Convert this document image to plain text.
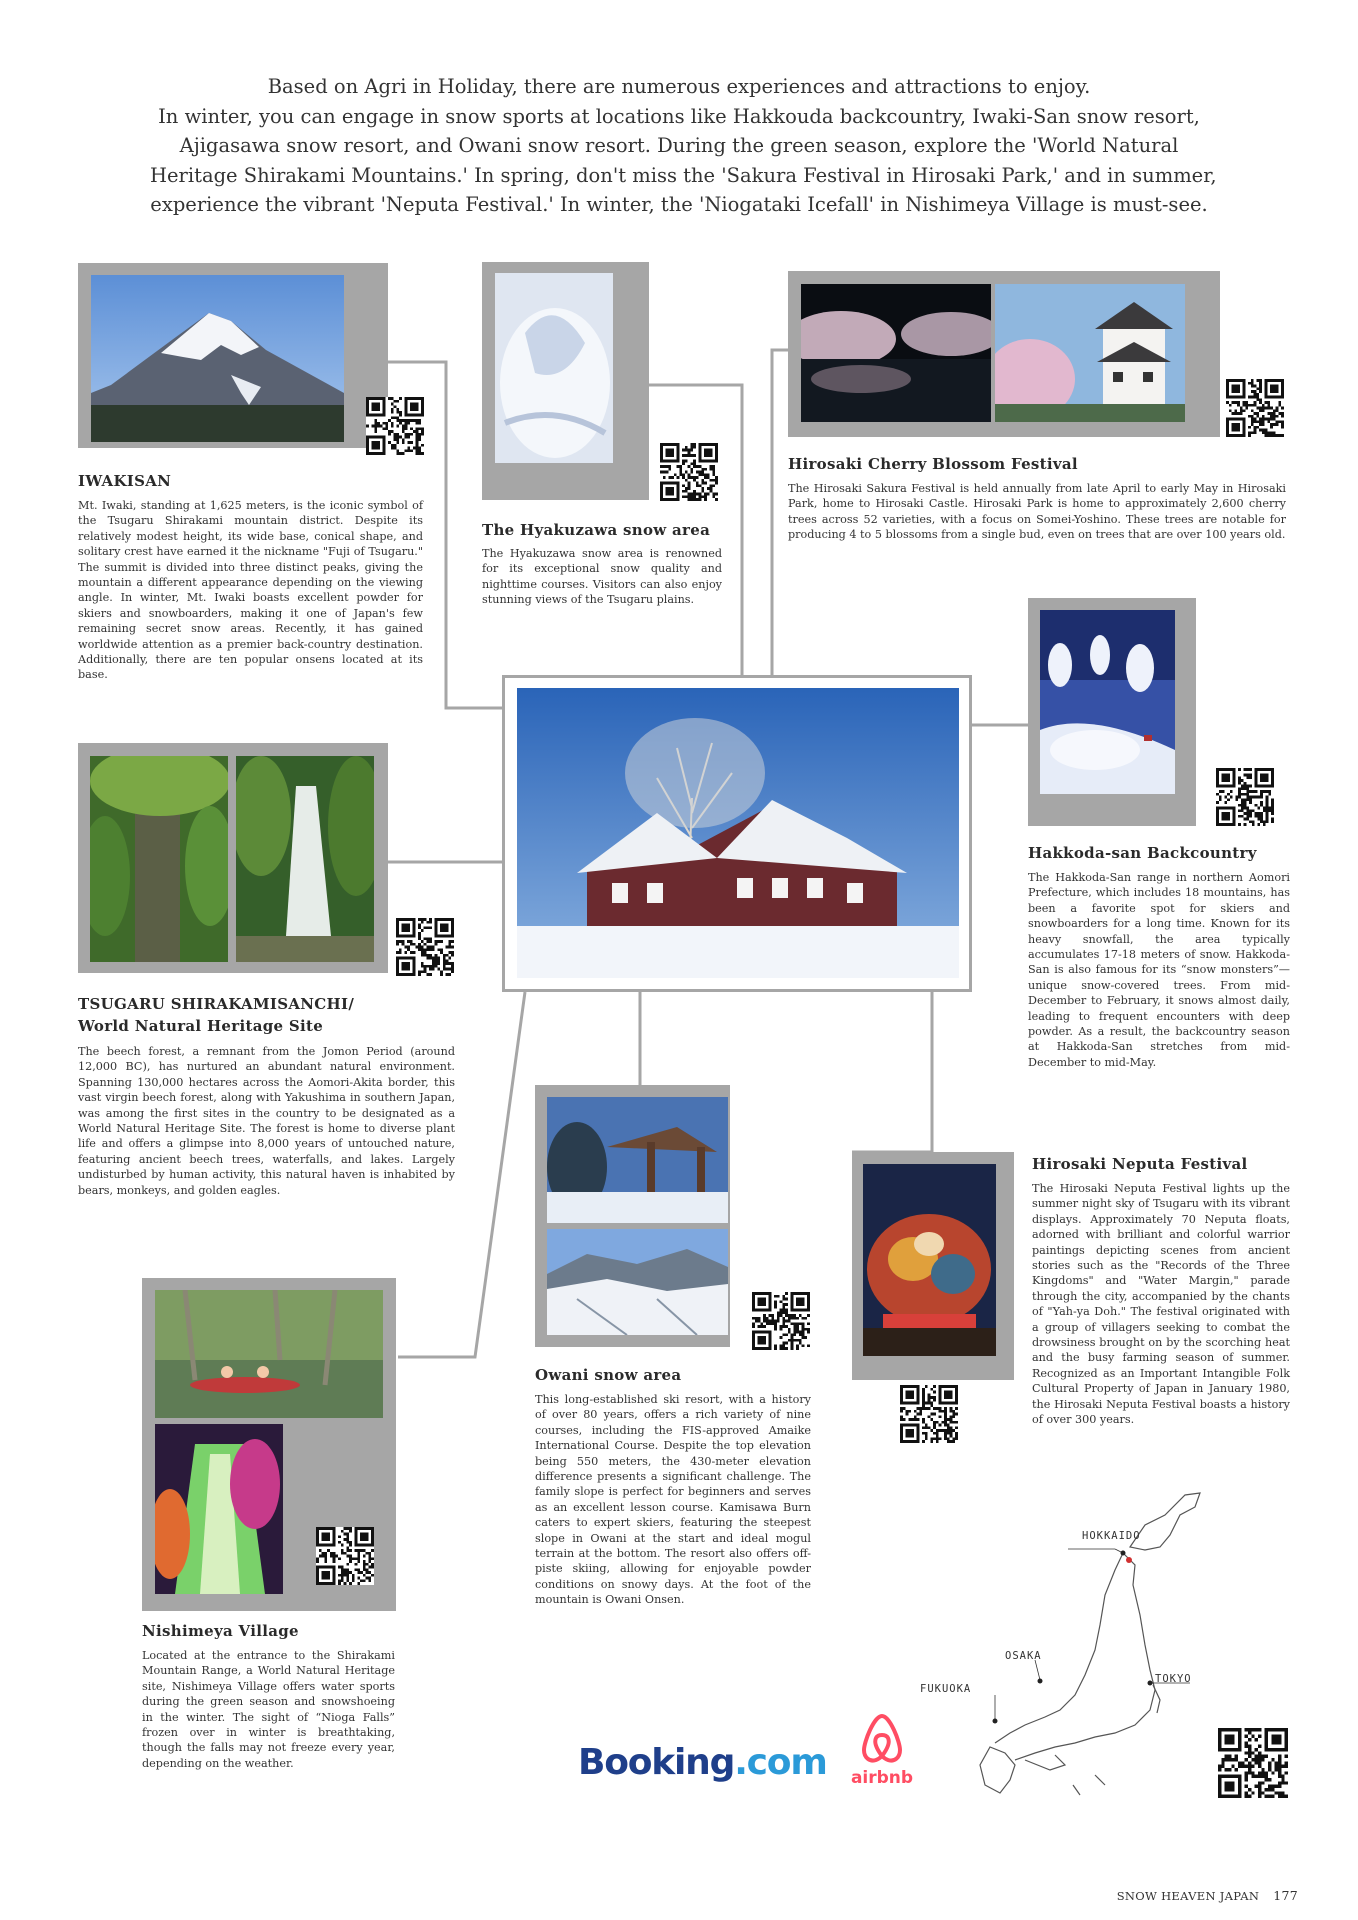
Based on Agri in Holiday, there are numerous experiences and attractions to enjoy.
In winter, you can engage in snow sports at locations like Hakkouda backcountry, Iwaki-San snow resort,
Ajigasawa snow resort, and Owani snow resort. During the green season, explore the 'World Natural
Heritage Shirakami Mountains.' In spring, don't miss the 'Sakura Festival in Hirosaki Park,' and in summer,
experience the vibrant 'Neputa Festival.' In winter, the 'Niogataki Icefall' in Nishimeya Village is must-see.
IWAKISAN
Mt. Iwaki, standing at 1,625 meters, is the iconic symbol of the Tsugaru Shirakami mountain district. Despite its relatively modest height, its wide base, conical shape, and solitary crest have earned it the nickname "Fuji of Tsugaru." The summit is divided into three distinct peaks, giving the mountain a different appearance depending on the viewing angle. In winter, Mt. Iwaki boasts excellent powder for skiers and snowboarders, making it one of Japan's few remaining secret snow areas. Recently, it has gained worldwide attention as a premier back-country destination. Additionally, there are ten popular onsens located at its base.
The Hyakuzawa snow area
The Hyakuzawa snow area is renowned for its exceptional snow quality and nighttime courses. Visitors can also enjoy stunning views of the Tsugaru plains.
Hirosaki Cherry Blossom Festival
The Hirosaki Sakura Festival is held annually from late April to early May in Hirosaki Park, home to Hirosaki Castle. Hirosaki Park is home to approximately 2,600 cherry trees across 52 varieties, with a focus on Somei-Yoshino. These trees are notable for producing 4 to 5 blossoms from a single bud, even on trees that are over 100 years old.
Hakkoda-san Backcountry
The Hakkoda-San range in northern Aomori Prefecture, which includes 18 mountains, has been a favorite spot for skiers and snowboarders for a long time. Known for its heavy snowfall, the area typically accumulates 17-18 meters of snow. Hakkoda-San is also famous for its “snow monsters”—unique snow-covered trees. From mid-December to February, it snows almost daily, leading to frequent encounters with deep powder. As a result, the backcountry season at Hakkoda-San stretches from mid-December to mid-May.
TSUGARU SHIRAKAMISANCHI/
World Natural Heritage Site
The beech forest, a remnant from the Jomon Period (around 12,000 BC), has nurtured an abundant natural environment. Spanning 130,000 hectares across the Aomori-Akita border, this vast virgin beech forest, along with Yakushima in southern Japan, was among the first sites in the country to be designated as a World Natural Heritage Site. The forest is home to diverse plant life and offers a glimpse into 8,000 years of untouched nature, featuring ancient beech trees, waterfalls, and lakes. Largely undisturbed by human activity, this natural haven is inhabited by bears, monkeys, and golden eagles.
Owani snow area
This long-established ski resort, with a history of over 80 years, offers a rich variety of nine courses, including the FIS-approved Amaike International Course. Despite the top elevation being 550 meters, the 430-meter elevation difference presents a significant challenge. The family slope is perfect for beginners and serves as an excellent lesson course. Kamisawa Burn caters to expert skiers, featuring the steepest slope in Owani at the start and ideal mogul terrain at the bottom. The resort also offers off-piste skiing, allowing for enjoyable powder conditions on snowy days. At the foot of the mountain is Owani Onsen.
Hirosaki Neputa Festival
The Hirosaki Neputa Festival lights up the summer night sky of Tsugaru with its vibrant displays. Approximately 70 Neputa floats, adorned with brilliant and colorful warrior paintings depicting scenes from ancient stories such as the "Records of the Three Kingdoms" and "Water Margin," parade through the city, accompanied by the chants of "Yah-ya Doh." The festival originated with a group of villagers seeking to combat the drowsiness brought on by the scorching heat and the busy farming season of summer. Recognized as an Important Intangible Folk Cultural Property of Japan in January 1980, the Hirosaki Neputa Festival boasts a history of over 300 years.
Nishimeya Village
Located at the entrance to the Shirakami Mountain Range, a World Natural Heritage site, Nishimeya Village offers water sports during the green season and snowshoeing in the winter. The sight of “Nioga Falls” frozen over in winter is breathtaking, though the falls may not freeze every year, depending on the weather.
HOKKAIDO
OSAKA
FUKUOKA
TOKYO
Booking.com	airbnb
SNOW HEAVEN JAPAN 177
